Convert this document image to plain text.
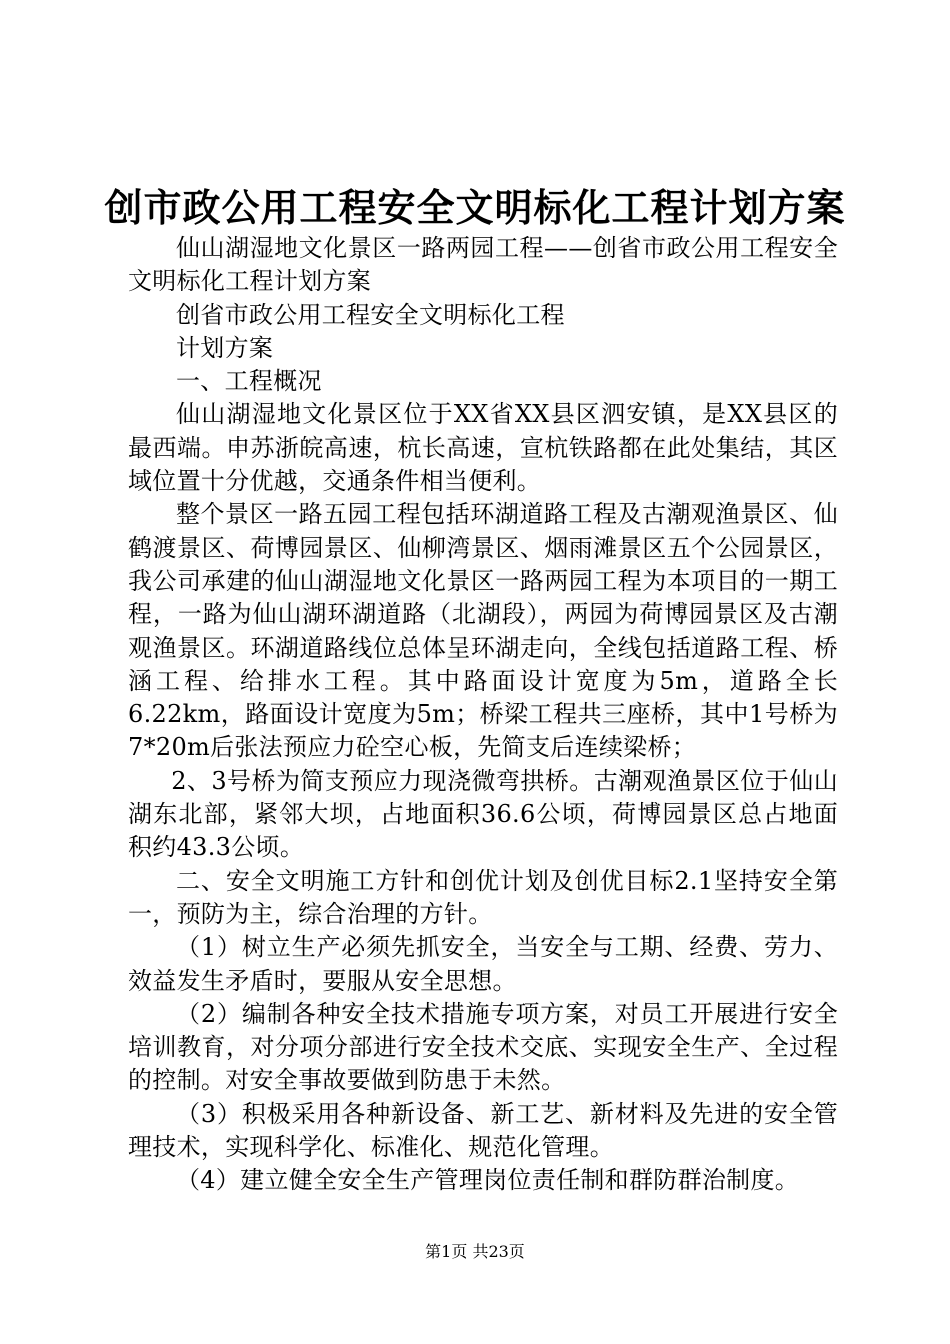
创市政公用工程安全文明标化工程计划方案

仙山湖湿地文化景区一路两园工程——创省市政公用工程安全文明标化工程计划方案

创省市政公用工程安全文明标化工程

计划方案

一、工程概况

仙山湖湿地文化景区位于XX省XX县区泗安镇，是XX县区的最西端。申苏浙皖高速，杭长高速，宣杭铁路都在此处集结，其区域位置十分优越，交通条件相当便利。

整个景区一路五园工程包括环湖道路工程及古潮观渔景区、仙鹤渡景区、荷博园景区、仙柳湾景区、烟雨滩景区五个公园景区，我公司承建的仙山湖湿地文化景区一路两园工程为本项目的一期工程，一路为仙山湖环湖道路（北湖段），两园为荷博园景区及古潮观渔景区。环湖道路线位总体呈环湖走向，全线包括道路工程、桥涵工程、给排水工程。其中路面设计宽度为5m，道路全长6.22km，路面设计宽度为5m；桥梁工程共三座桥，其中1号桥为7*20m后张法预应力砼空心板，先简支后连续梁桥；

2、3号桥为简支预应力现浇微弯拱桥。古潮观渔景区位于仙山湖东北部，紧邻大坝，占地面积36.6公顷，荷博园景区总占地面积约43.3公顷。

二、安全文明施工方针和创优计划及创优目标2.1坚持安全第一，预防为主，综合治理的方针。

（1）树立生产必须先抓安全，当安全与工期、经费、劳力、效益发生矛盾时，要服从安全思想。

（2）编制各种安全技术措施专项方案，对员工开展进行安全培训教育，对分项分部进行安全技术交底、实现安全生产、全过程的控制。对安全事故要做到防患于未然。

（3）积极采用各种新设备、新工艺、新材料及先进的安全管理技术，实现科学化、标准化、规范化管理。

（4）建立健全安全生产管理岗位责任制和群防群治制度。

第1页 共23页
